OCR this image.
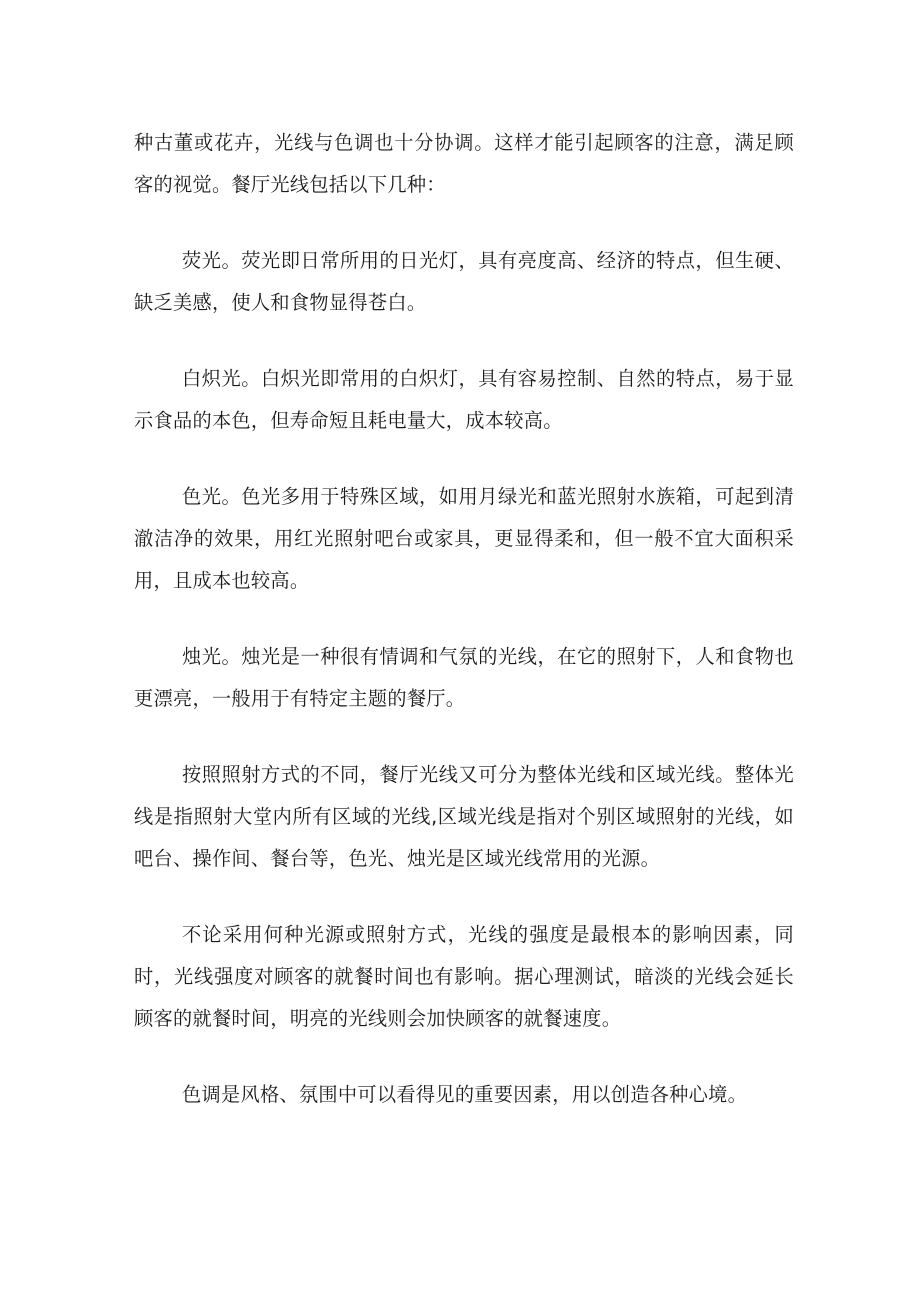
种古董或花卉，光线与色调也十分协调。这样才能引起顾客的注意，满足顾客的视觉。餐厅光线包括以下几种：

荧光。荧光即日常所用的日光灯，具有亮度高、经济的特点，但生硬、缺乏美感，使人和食物显得苍白。

白炽光。白炽光即常用的白炽灯，具有容易控制、自然的特点，易于显示食品的本色，但寿命短且耗电量大，成本较高。

色光。色光多用于特殊区域，如用月绿光和蓝光照射水族箱，可起到清澈洁净的效果，用红光照射吧台或家具，更显得柔和，但一般不宜大面积采用，且成本也较高。

烛光。烛光是一种很有情调和气氛的光线，在它的照射下，人和食物也更漂亮，一般用于有特定主题的餐厅。

按照照射方式的不同，餐厅光线又可分为整体光线和区域光线。整体光线是指照射大堂内所有区域的光线,区域光线是指对个别区域照射的光线，如吧台、操作间、餐台等，色光、烛光是区域光线常用的光源。

不论采用何种光源或照射方式，光线的强度是最根本的影响因素，同时，光线强度对顾客的就餐时间也有影响。据心理测试，暗淡的光线会延长顾客的就餐时间，明亮的光线则会加快顾客的就餐速度。

色调是风格、氛围中可以看得见的重要因素，用以创造各种心境。
